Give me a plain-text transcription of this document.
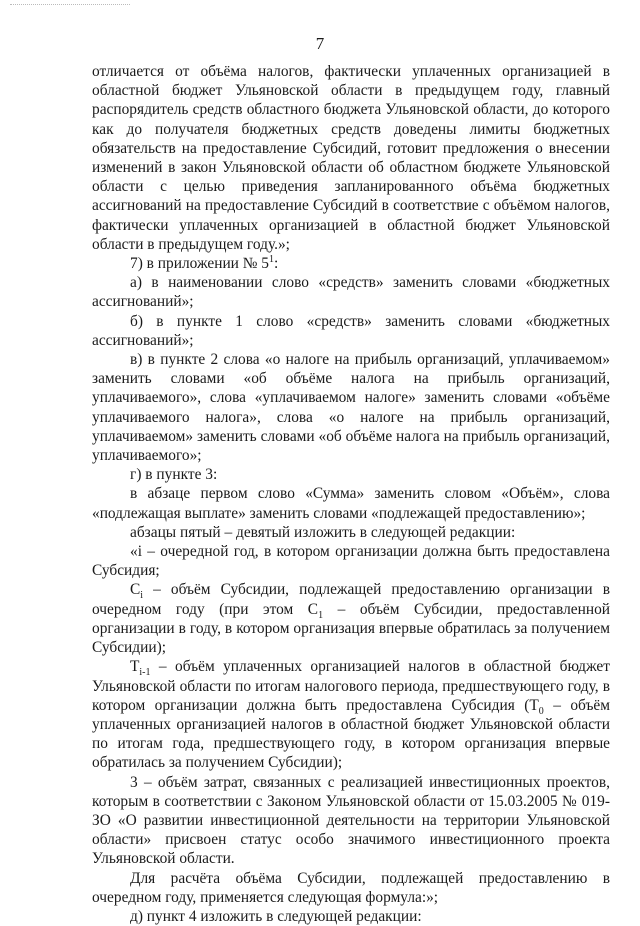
7

отличается от объёма налогов, фактически уплаченных организацией в областной бюджет Ульяновской области в предыдущем году, главный распорядитель средств областного бюджета Ульяновской области, до которого как до получателя бюджетных средств доведены лимиты бюджетных обязательств на предоставление Субсидий, готовит предложения о внесении изменений в закон Ульяновской области об областном бюджете Ульяновской области с целью приведения запланированного объёма бюджетных ассигнований на предоставление Субсидий в соответствие с объёмом налогов, фактически уплаченных организацией в областной бюджет Ульяновской области в предыдущем году.»;

7) в приложении № $5^1$:

а) в наименовании слово «средств» заменить словами «бюджетных ассигнований»;

б) в пункте 1 слово «средств» заменить словами «бюджетных ассигнований»;

в) в пункте 2 слова «о налоге на прибыль организаций, уплачиваемом» заменить словами «об объёме налога на прибыль организаций, уплачиваемого», слова «уплачиваемом налоге» заменить словами «объёме уплачиваемого налога», слова «о налоге на прибыль организаций, уплачиваемом» заменить словами «об объёме налога на прибыль организаций, уплачиваемого»;

г) в пункте 3:

в абзаце первом слово «Сумма» заменить словом «Объём», слова «подлежащая выплате» заменить словами «подлежащей предоставлению»;

абзацы пятый – девятый изложить в следующей редакции:

«i – очередной год, в котором организации должна быть предоставлена Субсидия;

$C_i$ – объём Субсидии, подлежащей предоставлению организации в очередном году (при этом $C_1$ – объём Субсидии, предоставленной организации в году, в котором организация впервые обратилась за получением Субсидии);

$T_{i-1}$ – объём уплаченных организацией налогов в областной бюджет Ульяновской области по итогам налогового периода, предшествующего году, в котором организации должна быть предоставлена Субсидия ($T_0$ – объём уплаченных организацией налогов в областной бюджет Ульяновской области по итогам года, предшествующего году, в котором организация впервые обратилась за получением Субсидии);

3 – объём затрат, связанных с реализацией инвестиционных проектов, которым в соответствии с Законом Ульяновской области от 15.03.2005 № 019-ЗО «О развитии инвестиционной деятельности на территории Ульяновской области» присвоен статус особо значимого инвестиционного проекта Ульяновской области.

Для расчёта объёма Субсидии, подлежащей предоставлению в очередном году, применяется следующая формула:»;

д) пункт 4 изложить в следующей редакции:
